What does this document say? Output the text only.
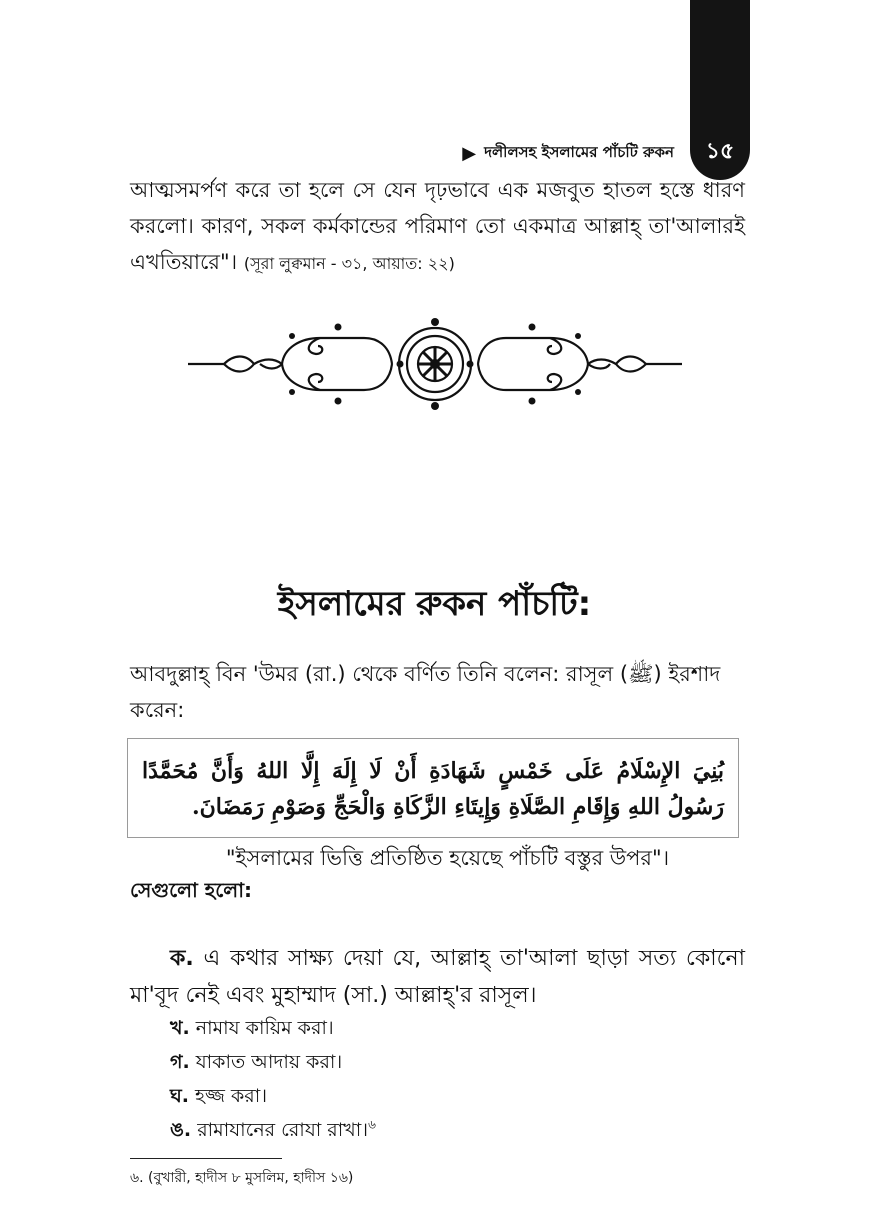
১৫
▶ দলীলসহ ইসলামের পাঁচটি রুকন
আত্মসমর্পণ করে তা হলে সে যেন দৃঢ়ভাবে এক মজবুত হাতল হস্তে ধারণ করলো। কারণ, সকল কর্মকান্ডের পরিমাণ তো একমাত্র আল্লাহ্ তা'আলারই এখতিয়ারে"। (সূরা লুক্বমান - ৩১, আয়াত: ২২)
ইসলামের রুকন পাঁচটি:
আবদুল্লাহ্ বিন 'উমর (রা.) থেকে বর্ণিত তিনি বলেন: রাসূল (ﷺ) ইরশাদ করেন:
بُنِيَ الإِسْلَامُ عَلَى خَمْسٍ شَهَادَةِ أَنْ لَا إِلَهَ إِلَّا اللهُ وَأَنَّ مُحَمَّدًا رَسُولُ اللهِ وَإِقَامِ الصَّلَاةِ وَإِيتَاءِ الزَّكَاةِ وَالْحَجِّ وَصَوْمِ رَمَضَانَ.
"ইসলামের ভিত্তি প্রতিষ্ঠিত হয়েছে পাঁচটি বস্তুর উপর"।
সেগুলো হলো:
ক. এ কথার সাক্ষ্য দেয়া যে, আল্লাহ্ তা'আলা ছাড়া সত্য কোনো মা'বূদ নেই এবং মুহাম্মাদ (সা.) আল্লাহ্'র রাসূল।
খ. নামায কায়িম করা।
গ. যাকাত আদায় করা।
ঘ. হজ্জ করা।
ঙ. রামাযানের রোযা রাখা।$^৬$
৬. (বুখারী, হাদীস ৮ মুসলিম, হাদীস ১৬)
